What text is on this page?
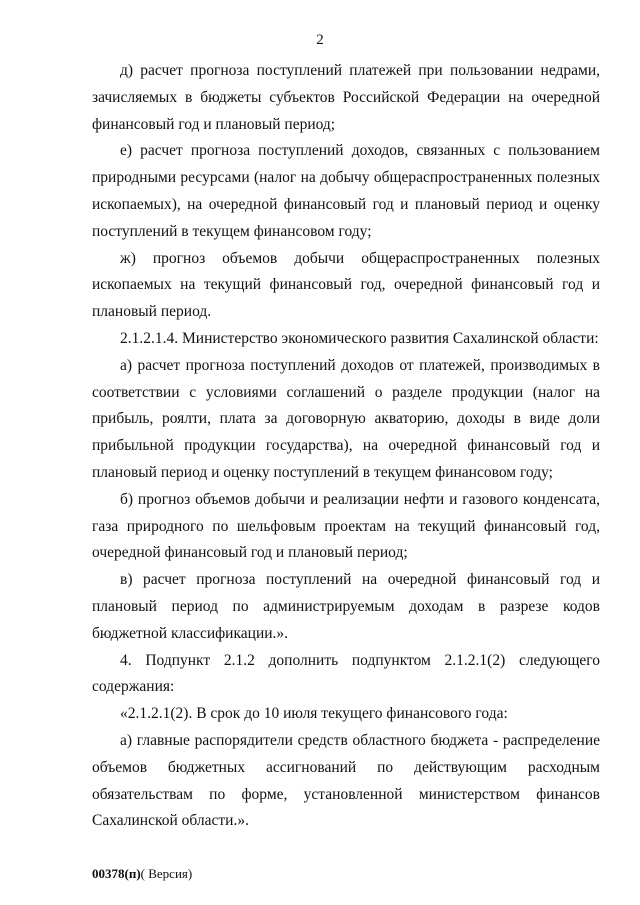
2

д) расчет прогноза поступлений платежей при пользовании недрами, зачисляемых в бюджеты субъектов Российской Федерации на очередной финансовый год и плановый период;

е) расчет прогноза поступлений доходов, связанных с пользованием природными ресурсами (налог на добычу общераспространенных полезных ископаемых), на очередной финансовый год и плановый период и оценку поступлений в текущем финансовом году;

ж) прогноз объемов добычи общераспространенных полезных ископаемых на текущий финансовый год, очередной финансовый год и плановый период.

2.1.2.1.4. Министерство экономического развития Сахалинской области:

а) расчет прогноза поступлений доходов от платежей, производимых в соответствии с условиями соглашений о разделе продукции (налог на прибыль, роялти, плата за договорную акваторию, доходы в виде доли прибыльной продукции государства), на очередной финансовый год и плановый период и оценку поступлений в текущем финансовом году;

б) прогноз объемов добычи и реализации нефти и газового конденсата, газа природного по шельфовым проектам на текущий финансовый год, очередной финансовый год и плановый период;

в) расчет прогноза поступлений на очередной финансовый год и плановый период по администрируемым доходам в разрезе кодов бюджетной классификации.».

4. Подпункт 2.1.2 дополнить подпунктом 2.1.2.1(2) следующего содержания:

«2.1.2.1(2). В срок до 10 июля текущего финансового года:

а) главные распорядители средств областного бюджета - распределение объемов бюджетных ассигнований по действующим расходным обязательствам по форме, установленной министерством финансов Сахалинской области.».

00378(п)( Версия)
